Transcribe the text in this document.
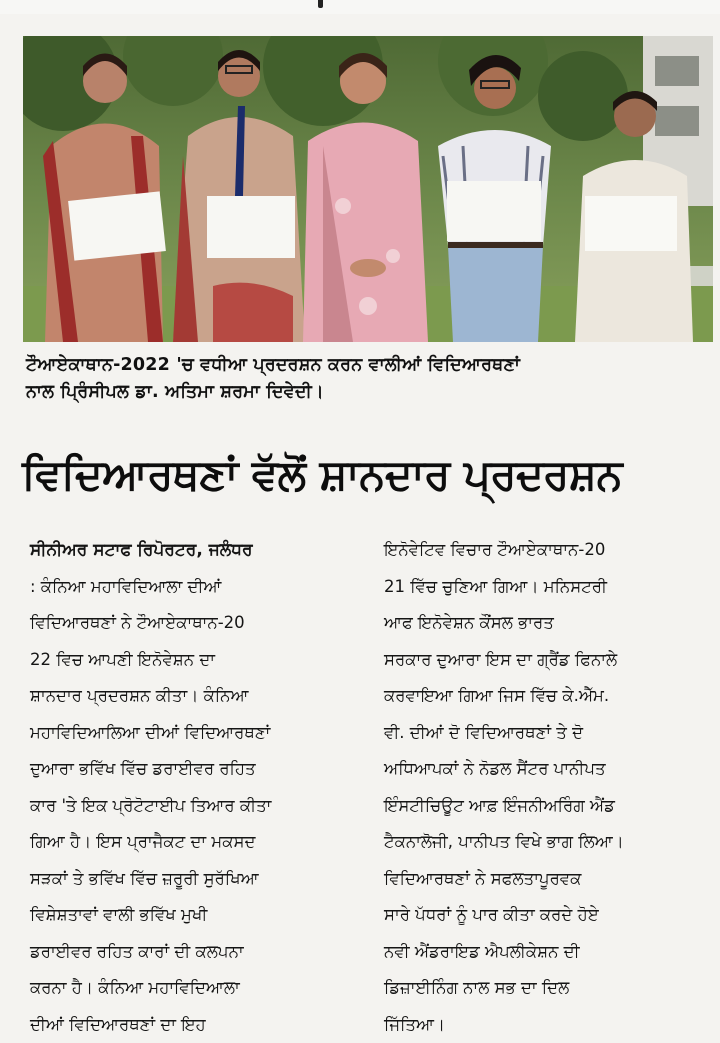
ਟੌਆਏਕਾਥਾਨ-2022 'ਚ ਵਧੀਆ ਪ੍ਰਦਰਸ਼ਨ ਕਰਨ ਵਾਲੀਆਂ ਵਿਦਿਆਰਥਣਾਂ
ਨਾਲ ਪ੍ਰਿੰਸੀਪਲ ਡਾ. ਅਤਿਮਾ ਸ਼ਰਮਾ ਦਿਵੇਦੀ।
ਵਿਦਿਆਰਥਣਾਂ ਵੱਲੋਂ ਸ਼ਾਨਦਾਰ ਪ੍ਰਦਰਸ਼ਨ
ਸੀਨੀਅਰ ਸਟਾਫ ਰਿਪੋਰਟਰ, ਜਲੰਧਰ
: ਕੰਨਿਆ ਮਹਾਵਿਦਿਆਲਾ ਦੀਆਂ
ਵਿਦਿਆਰਥਣਾਂ ਨੇ ਟੌਆਏਕਾਥਾਨ-20
22 ਵਿਚ ਆਪਣੀ ਇਨੋਵੇਸ਼ਨ ਦਾ
ਸ਼ਾਨਦਾਰ ਪ੍ਰਦਰਸ਼ਨ ਕੀਤਾ। ਕੰਨਿਆ
ਮਹਾਵਿਦਿਆਲਿਆ ਦੀਆਂ ਵਿਦਿਆਰਥਣਾਂ
ਦੁਆਰਾ ਭਵਿੱਖ ਵਿੱਚ ਡਰਾਈਵਰ ਰਹਿਤ
ਕਾਰ 'ਤੇ ਇਕ ਪ੍ਰੋਟੋਟਾਈਪ ਤਿਆਰ ਕੀਤਾ
ਗਿਆ ਹੈ। ਇਸ ਪ੍ਰਾਜੈਕਟ ਦਾ ਮਕਸਦ
ਸੜਕਾਂ ਤੇ ਭਵਿੱਖ ਵਿੱਚ ਜ਼ਰੂਰੀ ਸੁਰੱਖਿਆ
ਵਿਸ਼ੇਸ਼ਤਾਵਾਂ ਵਾਲੀ ਭਵਿੱਖ ਮੁਖੀ
ਡਰਾਈਵਰ ਰਹਿਤ ਕਾਰਾਂ ਦੀ ਕਲਪਨਾ
ਕਰਨਾ ਹੈ। ਕੰਨਿਆ ਮਹਾਵਿਦਿਆਲਾ
ਦੀਆਂ ਵਿਦਿਆਰਥਣਾਂ ਦਾ ਇਹ
ਇਨੋਵੇਟਿਵ ਵਿਚਾਰ ਟੌਆਏਕਾਥਾਨ-20
21 ਵਿੱਚ ਚੁਣਿਆ ਗਿਆ। ਮਨਿਸਟਰੀ
ਆਫ ਇਨੋਵੇਸ਼ਨ ਕੌਂਸਲ ਭਾਰਤ
ਸਰਕਾਰ ਦੁਆਰਾ ਇਸ ਦਾ ਗ੍ਰੈਂਡ ਫਿਨਾਲੇ
ਕਰਵਾਇਆ ਗਿਆ ਜਿਸ ਵਿੱਚ ਕੇ.ਐੱਮ.
ਵੀ. ਦੀਆਂ ਦੋ ਵਿਦਿਆਰਥਣਾਂ ਤੇ ਦੋ
ਅਧਿਆਪਕਾਂ ਨੇ ਨੋਡਲ ਸੈਂਟਰ ਪਾਨੀਪਤ
ਇੰਸਟੀਚਿਊਟ ਆਫ਼ ਇੰਜਨੀਅਰਿੰਗ ਐਂਡ
ਟੈਕਨਾਲੋਜੀ, ਪਾਨੀਪਤ ਵਿਖੇ ਭਾਗ ਲਿਆ।
ਵਿਦਿਆਰਥਣਾਂ ਨੇ ਸਫਲਤਾਪੂਰਵਕ
ਸਾਰੇ ਪੱਧਰਾਂ ਨੂੰ ਪਾਰ ਕੀਤਾ ਕਰਦੇ ਹੋਏ
ਨਵੀ ਐਂਡਰਾਇਡ ਐਪਲੀਕੇਸ਼ਨ ਦੀ
ਡਿਜ਼ਾਈਨਿੰਗ ਨਾਲ ਸਭ ਦਾ ਦਿਲ
ਜਿੱਤਿਆ।
